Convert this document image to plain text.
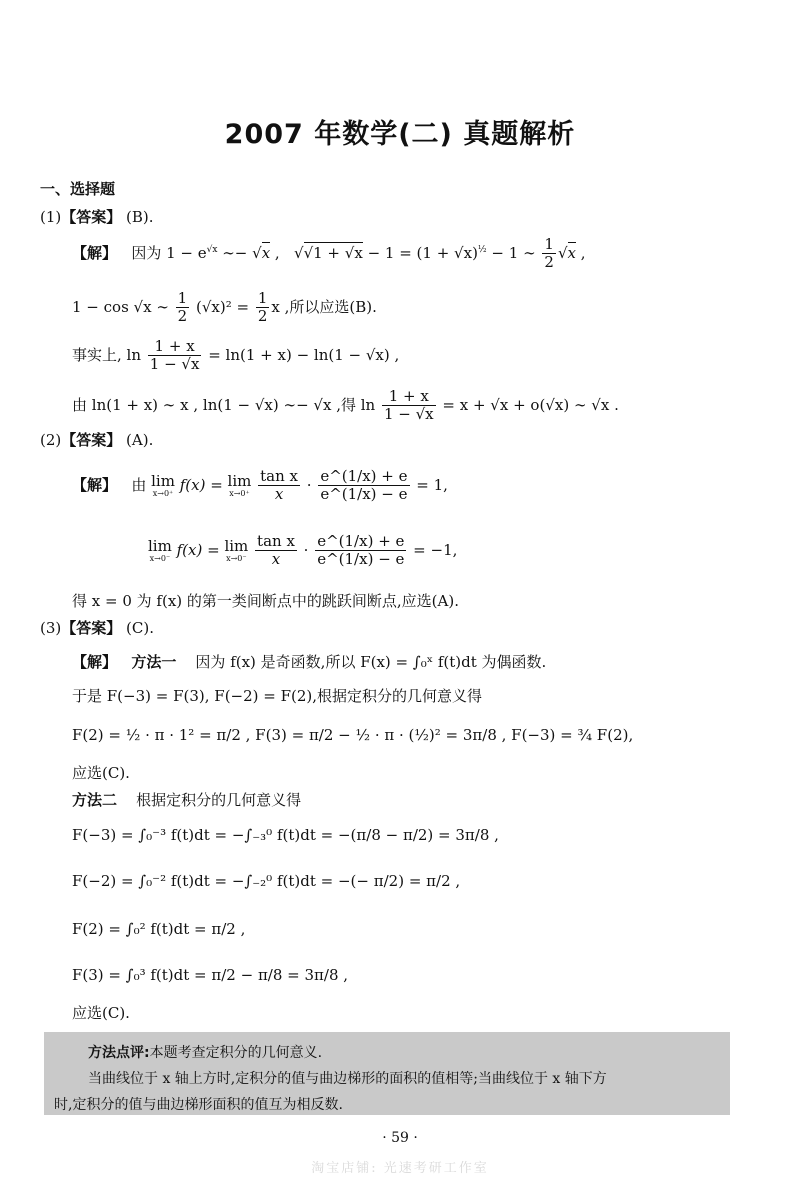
2007 年数学(二) 真题解析
一、选择题
(1)【答案】 (B).
【解】 因为 $1 - e^{√x}$ ∼− √x ,   $√√1 + √x - 1 = (1 + √x)^{\frac{1}{2}} - 1$ ∼ $\frac{1}{2} √x$ ,
1 − cos √x ∼ $\frac{1}{2} (√x)^2 = \frac{1}{2}$ x ,所以应选(B).
事实上, $\ln \frac{1 + x}{1 - √x} = \ln(1 + x) - \ln(1 - √x)$ ,
由 ln(1 + x) ∼ x , ln(1 − √x) ∼− √x ,得 $\ln \frac{1 + x}{1 - √x} = x + √x + o(√x)$ ∼ √x .
(2)【答案】 (A).
【解】 由 lim
x→0⁺ f(x) = lim
x→0⁺
$\frac{\text{tan x}}{x} \cdot \frac{e\^{}(1/x) + e}{e\^{}(1/x) - e} = 1$,
lim
x→0⁻ f(x) = lim
x→0⁻
$\frac{\text{tan x}}{x} \cdot \frac{e\^{}(1/x) + e}{e\^{}(1/x) - e} = -1$,
得 x = 0 为 f(x) 的第一类间断点中的跳跃间断点,应选(A).
(3)【答案】 (C).
【解】 方法一 因为 f(x) 是奇函数,所以 F(x) = ∫₀ˣ f(t)dt 为偶函数.
于是 F(−3) = F(3), F(−2) = F(2),根据定积分的几何意义得
F(2) = ½ · π · 1² = π/2 , F(3) = π/2 − ½ · π · (½)² = 3π/8 , F(−3) = ¾ F(2),
应选(C).
方法二 根据定积分的几何意义得
F(−3) = ∫₀⁻³ f(t)dt = −∫₋₃⁰ f(t)dt = −(π/8 − π/2) = 3π/8 ,
F(−2) = ∫₀⁻² f(t)dt = −∫₋₂⁰ f(t)dt = −(− π/2) = π/2 ,
F(2) = ∫₀² f(t)dt = π/2 ,
F(3) = ∫₀³ f(t)dt = π/2 − π/8 = 3π/8 ,
应选(C).
方法点评:本题考查定积分的几何意义.
当曲线位于 x 轴上方时,定积分的值与曲边梯形的面积的值相等;当曲线位于 x 轴下方
时,定积分的值与曲边梯形面积的值互为相反数.
· 59 ·
淘宝店铺: 光速考研工作室
